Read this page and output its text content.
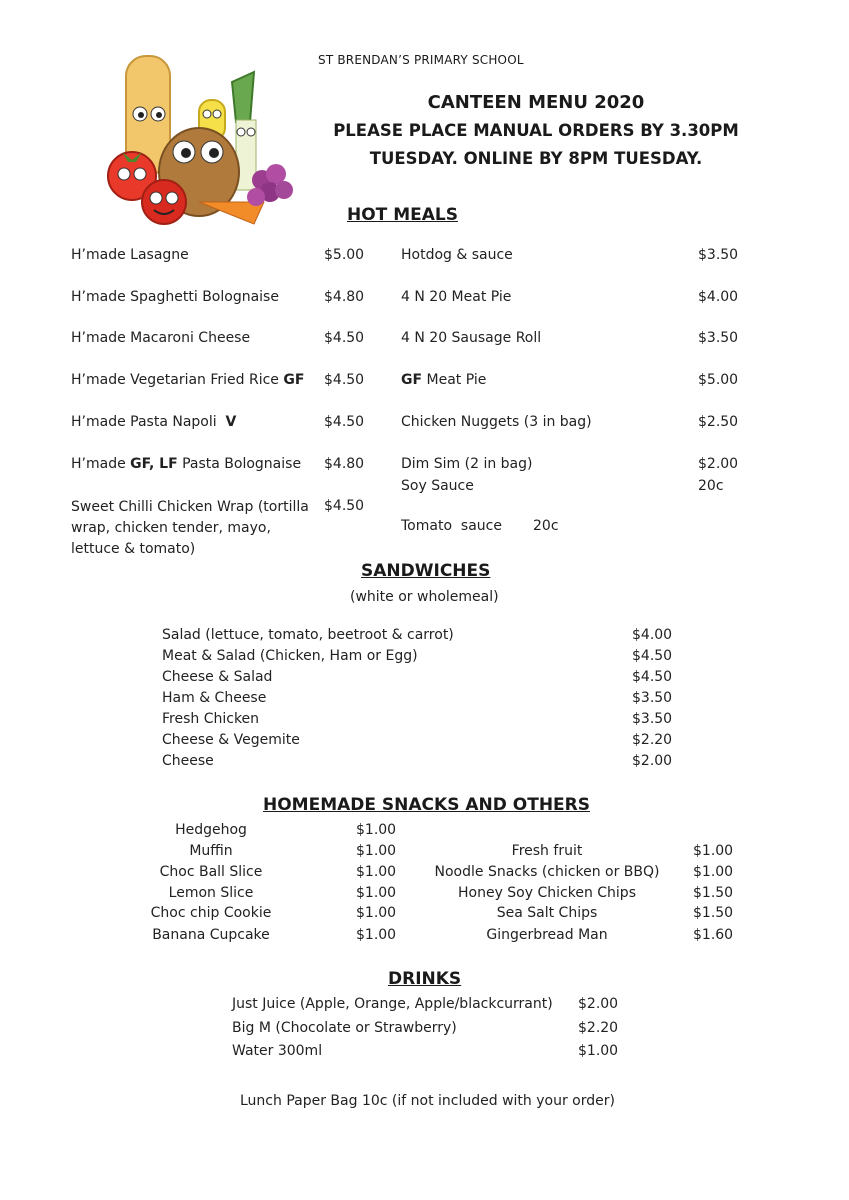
ST BRENDAN’S PRIMARY SCHOOL
CANTEEN MENU 2020
PLEASE PLACE MANUAL ORDERS BY 3.30PM
TUESDAY. ONLINE BY 8PM TUESDAY.
HOT MEALS
H’made Lasagne	$5.00
H’made Spaghetti Bolognaise	$4.80
H’made Macaroni Cheese	$4.50
H’made Vegetarian Fried Rice GF $4.50
H’made Pasta Napoli  V	$4.50
H’made GF, LF Pasta Bolognaise $4.80
Sweet Chilli Chicken Wrap (tortilla wrap, chicken tender, mayo, lettuce & tomato)
$4.50
Hotdog & sauce	$3.50
4 N 20 Meat Pie	$4.00
4 N 20 Sausage Roll	$3.50
GF Meat Pie	$5.00
Chicken Nuggets (3 in bag)	$2.50
Dim Sim (2 in bag)	$2.00
Soy Sauce	20c
Tomato  sauce 20c
SANDWICHES
(white or wholemeal)
Salad (lettuce, tomato, beetroot & carrot)	$4.00
Meat & Salad (Chicken, Ham or Egg)	$4.50
Cheese & Salad	$4.50
Ham & Cheese	$3.50
Fresh Chicken	$3.50
Cheese & Vegemite	$2.20
Cheese	$2.00
HOMEMADE SNACKS AND OTHERS
Hedgehog	$1.00
Muffin	$1.00
Choc Ball Slice	$1.00
Lemon Slice	$1.00
Choc chip Cookie	$1.00
Banana Cupcake	$1.00
Fresh fruit	$1.00
Noodle Snacks (chicken or BBQ)	$1.00
Honey Soy Chicken Chips	$1.50
Sea Salt Chips	$1.50
Gingerbread Man	$1.60
DRINKS
Just Juice (Apple, Orange, Apple/blackcurrant) $2.00
Big M (Chocolate or Strawberry)	$2.20
Water 300ml	$1.00
Lunch Paper Bag 10c (if not included with your order)
